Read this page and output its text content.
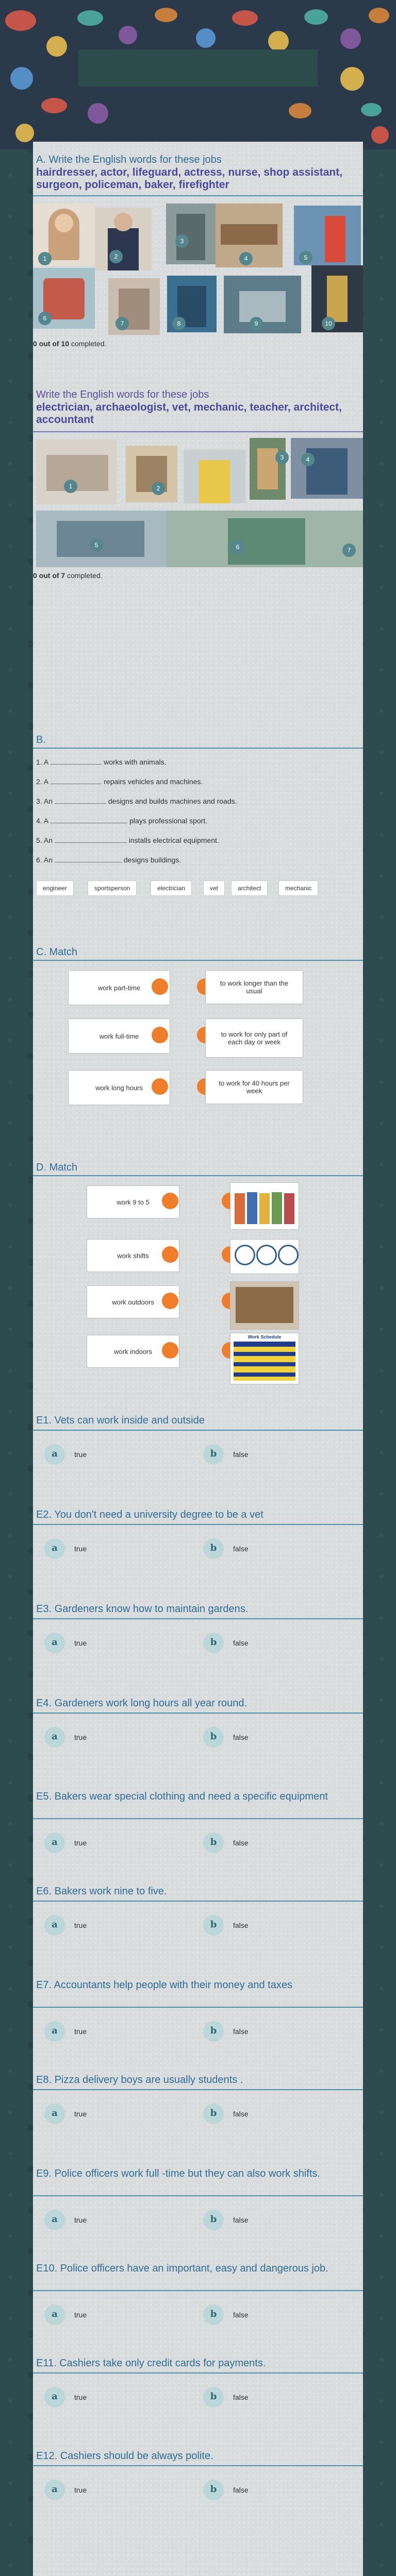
A. Write the English words for these jobs
hairdresser, actor, lifeguard, actress, nurse, shop assistant, surgeon, policeman, baker, firefighter
1	2
3
4	5
6
7	8	9	10
0 out of 10 completed.
Write the English words for these jobs
electrician, archaeologist, vet, mechanic, teacher, architect, accountant
1	2
3	4
5	6	7
0 out of 7 completed.
B.
1. A	works with animals.
2. A	repairs vehicles and machines.
3. An	designs and builds machines and roads.
4. A	plays professional sport.
5. An	installs electrical equipment.
6. An	designs buildings.
engineer	sportsperson	electrician	vet	architect	mechanic
C. Match
work part-time
work full-time
work long hours
to work longer than the usual
to work for only part of each day or week
to work for 40 hours per week
D. Match
work 9 to 5
work shifts
work outdoors
work indoors
Work Schedule
E1. Vets can work inside and outside
a	true	b	false
E2. You don't need a university degree to be a vet
a	true	b	false
E3. Gardeners know how to maintain gardens.
a	true	b	false
E4. Gardeners work long hours all year round.
a	true	b	false
E5. Bakers wear special clothing and need a specific equipment
a	true	b	false
E6. Bakers work nine to five.
a	true	b	false
E7. Accountants help people with their money and taxes
a	true	b	false
E8. Pizza delivery boys are usually students .
a	true	b	false
E9. Police officers work full -time but they can also work shifts.
a	true	b	false
E10. Police officers have an important, easy and dangerous job.
a	true	b	false
E11. Cashiers take only credit cards for payments.
a	true	b	false
E12. Cashiers should be always polite.
a	true	b	false
